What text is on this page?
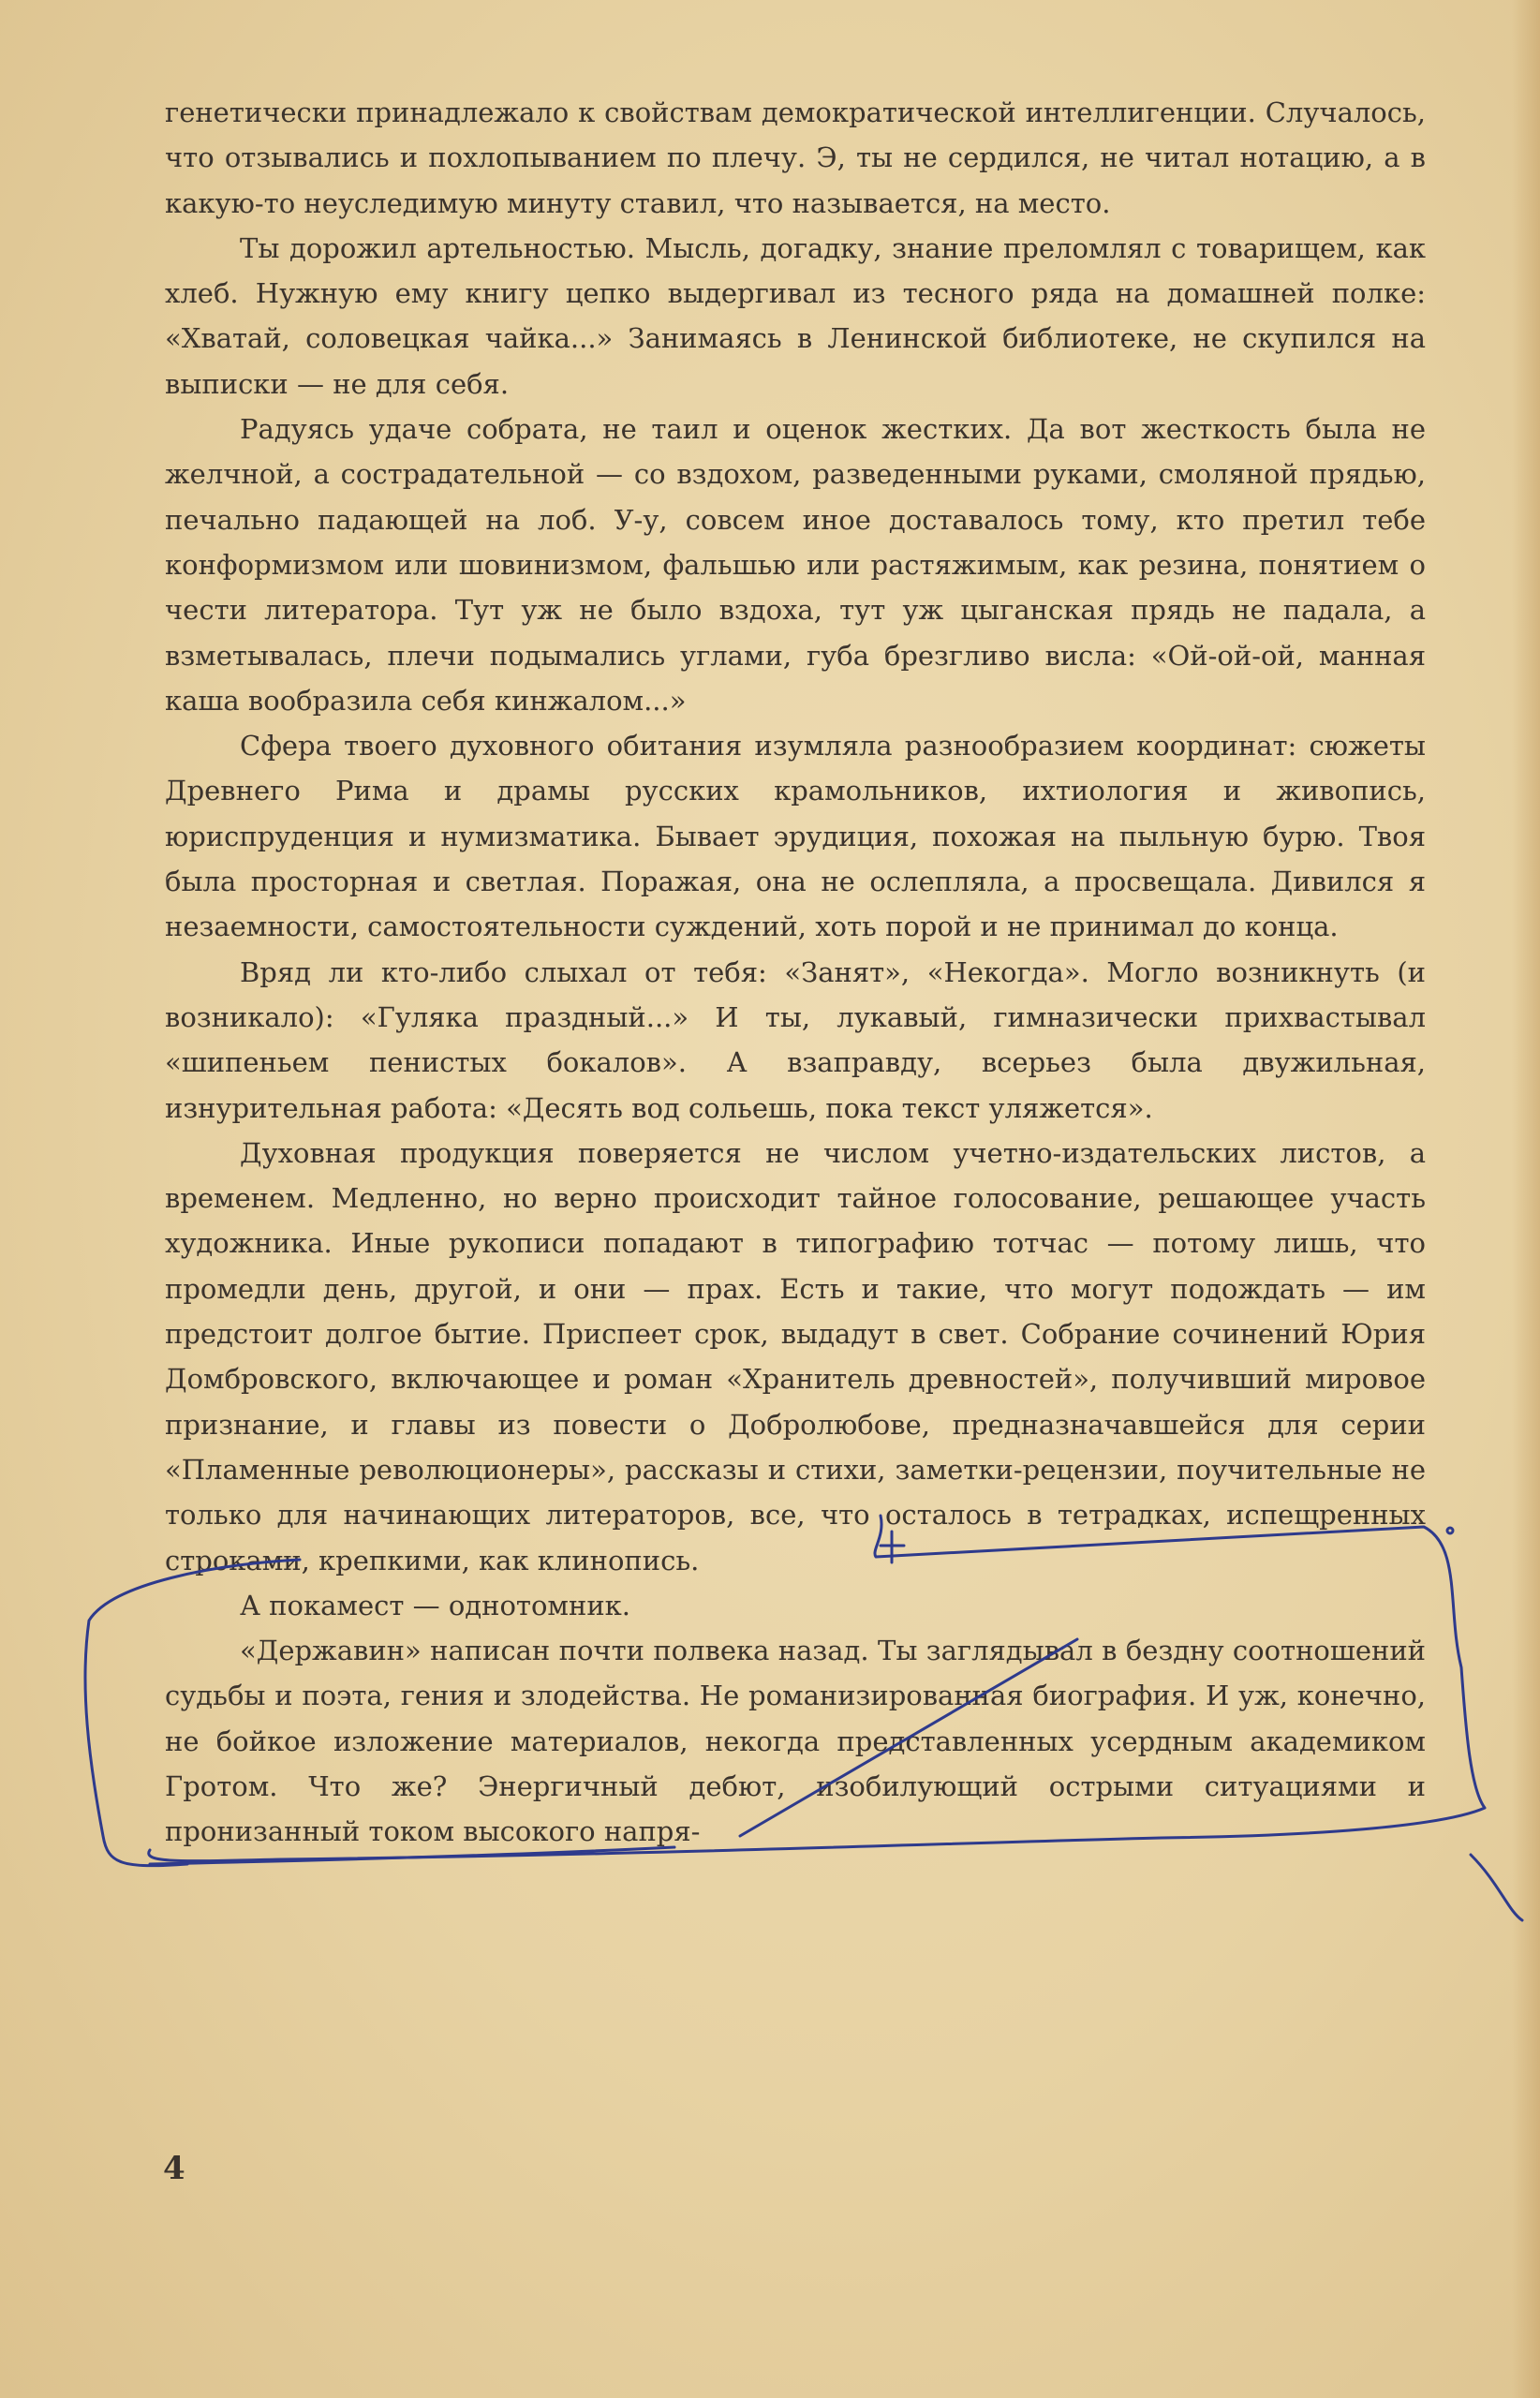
генетически принадлежало к свойствам демократической интеллигенции. Случалось, что отзывались и похлопыванием по плечу. Э, ты не сердился, не читал нотацию, а в какую-то неуследимую минуту ставил, что называется, на место.

Ты дорожил артельностью. Мысль, догадку, знание преломлял с товарищем, как хлеб. Нужную ему книгу цепко выдергивал из тесного ряда на домашней полке: «Хватай, соловецкая чайка...» Занимаясь в Ленинской библиотеке, не скупился на выписки — не для себя.

Радуясь удаче собрата, не таил и оценок жестких. Да вот жесткость была не желчной, а сострадательной — со вздохом, разведенными руками, смоляной прядью, печально падающей на лоб. У-у, совсем иное доставалось тому, кто претил тебе конформизмом или шовинизмом, фальшью или растяжимым, как резина, понятием о чести литератора. Тут уж не было вздоха, тут уж цыганская прядь не падала, а взметывалась, плечи подымались углами, губа брезгливо висла: «Ой-ой-ой, манная каша вообразила себя кинжалом...»

Сфера твоего духовного обитания изумляла разнообразием координат: сюжеты Древнего Рима и драмы русских крамольников, ихтиология и живопись, юриспруденция и нумизматика. Бывает эрудиция, похожая на пыльную бурю. Твоя была просторная и светлая. Поражая, она не ослепляла, а просвещала. Дивился я незаемности, самостоятельности суждений, хоть порой и не принимал до конца.

Вряд ли кто-либо слыхал от тебя: «Занят», «Некогда». Могло возникнуть (и возникало): «Гуляка праздный...» И ты, лукавый, гимназически прихвастывал «шипеньем пенистых бокалов». А взаправду, всерьез была двужильная, изнурительная работа: «Десять вод сольешь, пока текст уляжется».

Духовная продукция поверяется не числом учетно-издательских листов, а временем. Медленно, но верно происходит тайное голосование, решающее участь художника. Иные рукописи попадают в типографию тотчас — потому лишь, что промедли день, другой, и они — прах. Есть и такие, что могут подождать — им предстоит долгое бытие. Приспеет срок, выдадут в свет. Собрание сочинений Юрия Домбровского, включающее и роман «Хранитель древностей», получивший мировое признание, и главы из повести о Добролюбове, предназначавшейся для серии «Пламенные революционеры», рассказы и стихи, заметки-рецензии, поучительные не только для начинающих литераторов, все, что осталось в тетрадках, испещренных строками, крепкими, как клинопись.

А покамест — однотомник.

«Державин» написан почти полвека назад. Ты заглядывал в бездну соотношений судьбы и поэта, гения и злодейства. Не романизированная биография. И уж, конечно, не бойкое изложение материалов, некогда представленных усердным академиком Гротом. Что же? Энергичный дебют, изобилующий острыми ситуациями и пронизанный током высокого напря-

4
